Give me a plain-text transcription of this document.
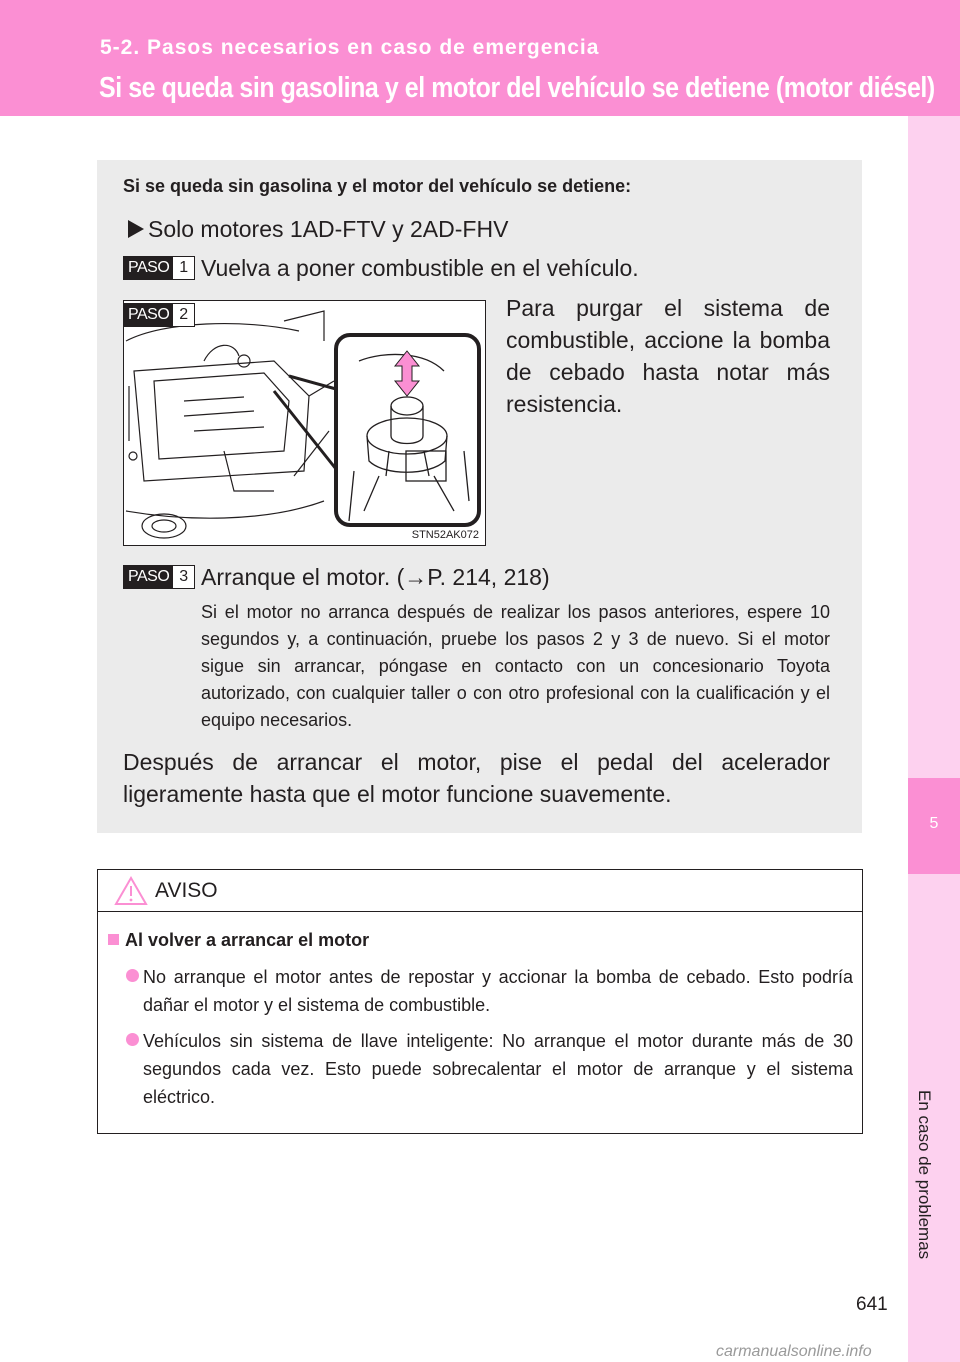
5-2. Pasos necesarios en caso de emergencia
Si se queda sin gasolina y el motor del vehículo se detiene (motor diésel)
5
En caso de problemas
Si se queda sin gasolina y el motor del vehículo se detiene:
Solo motores 1AD-FTV y 2AD-FHV
PASO 1 Vuelva a poner combustible en el vehículo.
STN52AK072
PASO 2	Para purgar el sistema de combustible, accione la bomba de cebado hasta notar más resistencia.
PASO 3 Arranque el motor. (→P. 214, 218)
Si el motor no arranca después de realizar los pasos anteriores, espere 10 segundos y, a continuación, pruebe los pasos 2 y 3 de nuevo. Si el motor sigue sin arrancar, póngase en contacto con un concesionario Toyota autorizado, con cualquier taller o con otro profesional con la cualificación y el equipo necesarios.
Después de arrancar el motor, pise el pedal del acelerador ligeramente hasta que el motor funcione suavemente.
AVISO
Al volver a arrancar el motor
No arranque el motor antes de repostar y accionar la bomba de cebado. Esto podría dañar el motor y el sistema de combustible.
Vehículos sin sistema de llave inteligente: No arranque el motor durante más de 30 segundos cada vez. Esto puede sobrecalentar el motor de arranque y el sistema eléctrico.
641
carmanualsonline.info
